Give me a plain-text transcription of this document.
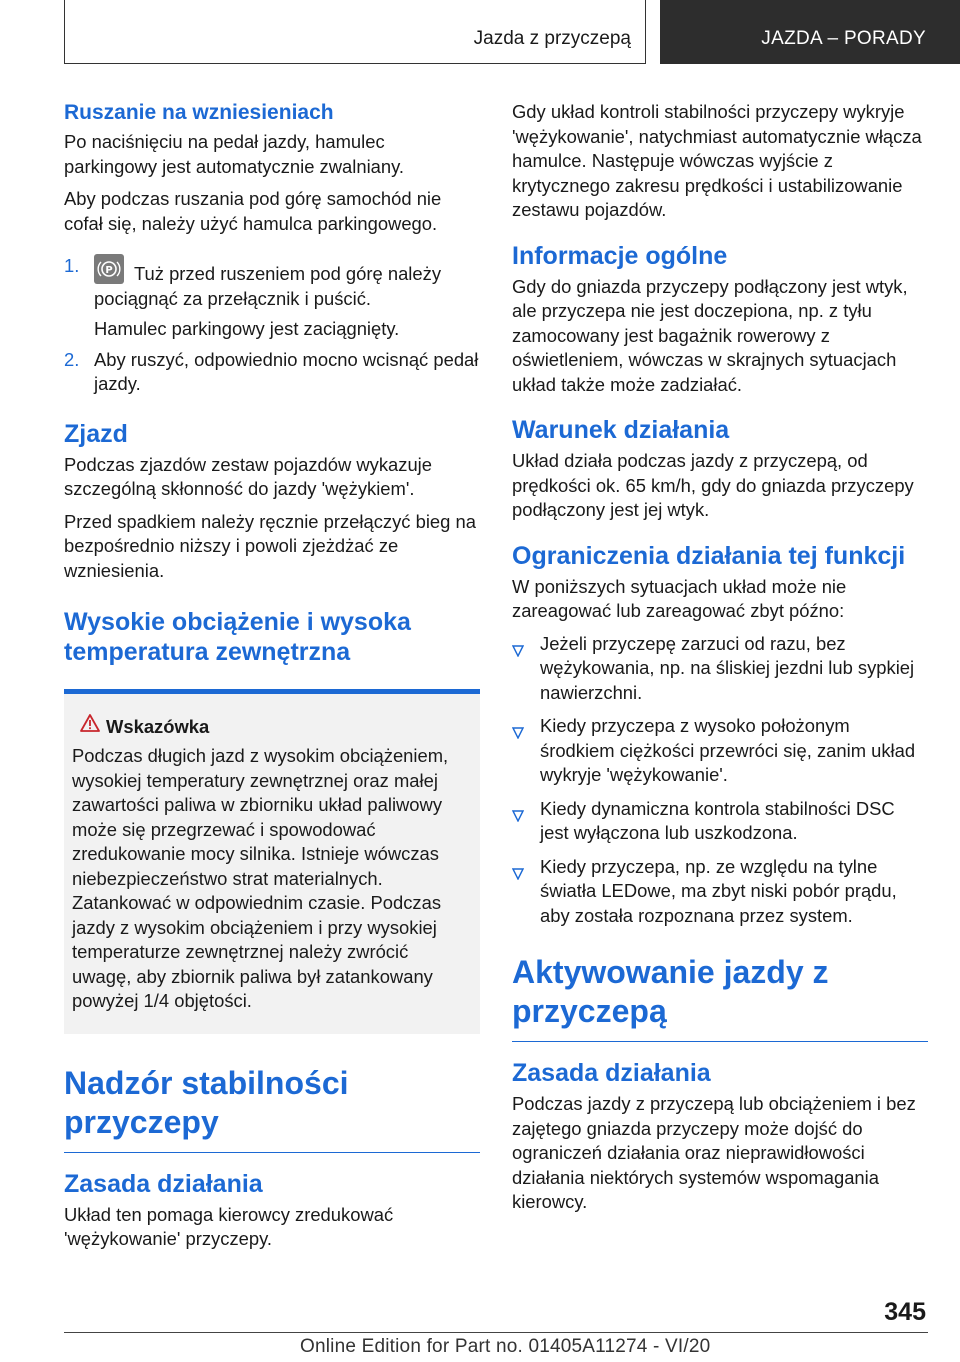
Jazda z przyczepą	JAZDA – PORADY
Ruszanie na wzniesieniach

Po naciśnięciu na pedał jazdy, hamulec parkingowy jest automatycznie zwalniany.

Aby podczas ruszania pod górę samochód nie cofał się, należy użyć hamulca parkingowego.

1.	P Tuż przed ruszeniem pod górę należy pociągnąć za przełącznik i puścić.

Hamulec parkingowy jest zaciągnięty.

2. Aby ruszyć, odpowiednio mocno wcisnąć pedał jazdy.

Zjazd

Podczas zjazdów zestaw pojazdów wykazuje szczególną skłonność do jazdy 'wężykiem'.

Przed spadkiem należy ręcznie przełączyć bieg na bezpośrednio niższy i powoli zjeżdżać ze wzniesienia.

Wysokie obciążenie i wysoka temperatura zewnętrzna
Wskazówka

Podczas długich jazd z wysokim obciążeniem, wysokiej temperatury zewnętrznej oraz małej zawartości paliwa w zbiorniku układ paliwowy może się przegrzewać i spowodować zredukowanie mocy silnika. Istnieje wówczas niebezpieczeństwo strat materialnych. Zatankować w odpowiednim czasie. Podczas jazdy z wysokim obciążeniem i przy wysokiej temperaturze zewnętrznej należy zwrócić uwagę, aby zbiornik paliwa był zatankowany powyżej 1/4 objętości.

Nadzór stabilności przyczepy
Zasada działania

Układ ten pomaga kierowcy zredukować 'wężykowanie' przyczepy.

Gdy układ kontroli stabilności przyczepy wykryje 'wężykowanie', natychmiast automatycznie włącza hamulce. Następuje wówczas wyjście z krytycznego zakresu prędkości i ustabilizowanie zestawu pojazdów.

Informacje ogólne

Gdy do gniazda przyczepy podłączony jest wtyk, ale przyczepa nie jest doczepiona, np. z tyłu zamocowany jest bagażnik rowerowy z oświetleniem, wówczas w skrajnych sytuacjach układ także może zadziałać.

Warunek działania

Układ działa podczas jazdy z przyczepą, od prędkości ok. 65 km/h, gdy do gniazda przyczepy podłączony jest jej wtyk.

Ograniczenia działania tej funkcji

W poniższych sytuacjach układ może nie zareagować lub zareagować zbyt późno:

Jeżeli przyczepę zarzuci od razu, bez wężykowania, np. na śliskiej jezdni lub sypkiej nawierzchni.
Kiedy przyczepa z wysoko położonym środkiem ciężkości przewróci się, zanim układ wykryje 'wężykowanie'.
Kiedy dynamiczna kontrola stabilności DSC jest wyłączona lub uszkodzona.
Kiedy przyczepa, np. ze względu na tylne światła LEDowe, ma zbyt niski pobór prądu, aby została rozpoznana przez system.
Aktywowanie jazdy z przyczepą
Zasada działania

Podczas jazdy z przyczepą lub obciążeniem i bez zajętego gniazda przyczepy może dojść do ograniczeń działania oraz nieprawidłowości działania niektórych systemów wspomagania kierowcy.

345
Online Edition for Part no. 01405A11274 - VI/20
